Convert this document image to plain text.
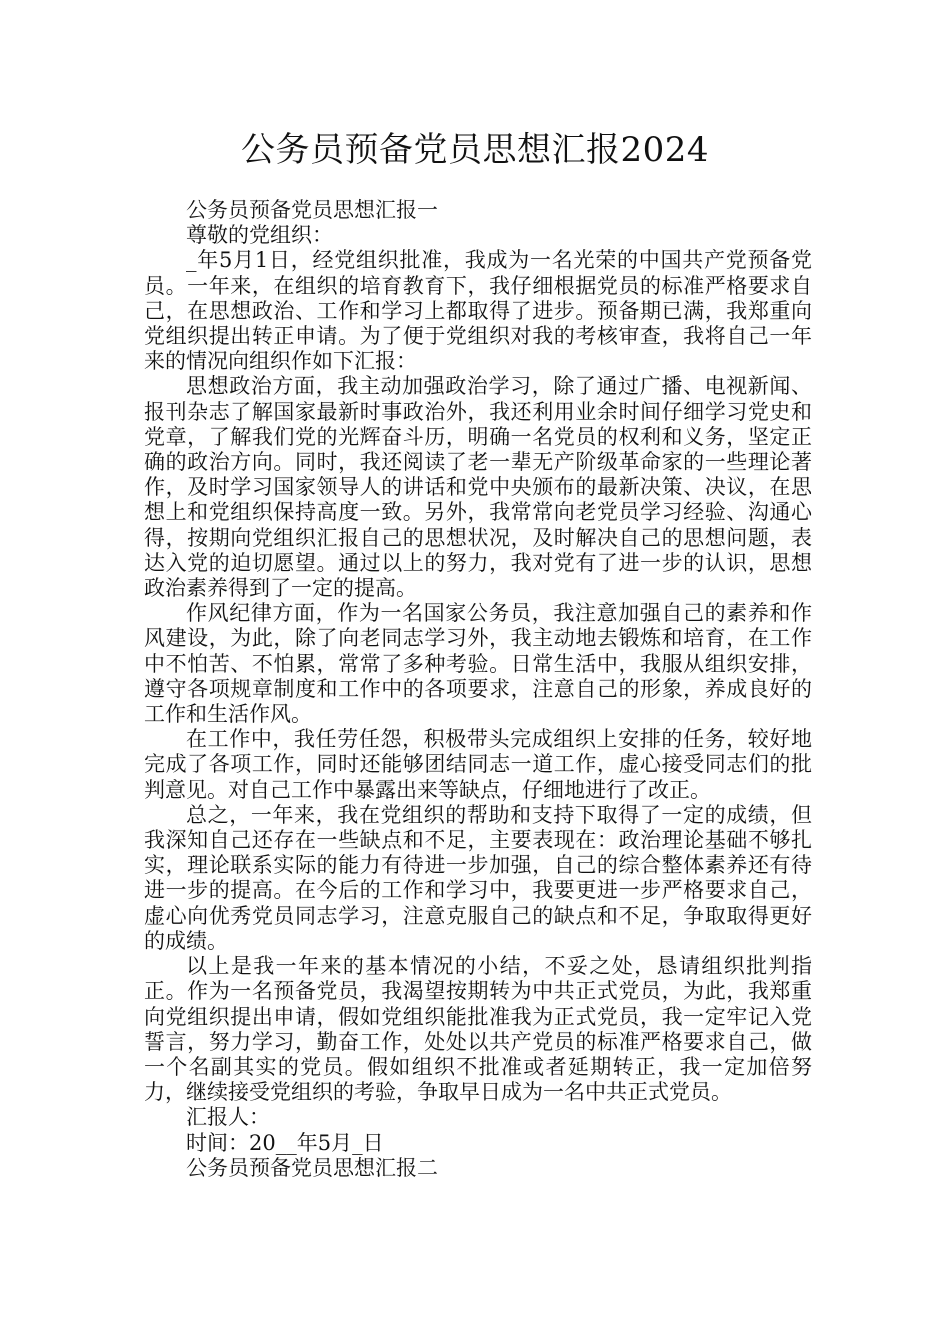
公务员预备党员思想汇报2024

公务员预备党员思想汇报一

尊敬的党组织：

_年5月1日，经党组织批准，我成为一名光荣的中国共产党预备党员。一年来，在组织的培育教育下，我仔细根据党员的标准严格要求自己，在思想政治、工作和学习上都取得了进步。预备期已满，我郑重向党组织提出转正申请。为了便于党组织对我的考核审查，我将自己一年来的情况向组织作如下汇报：

思想政治方面，我主动加强政治学习，除了通过广播、电视新闻、报刊杂志了解国家最新时事政治外，我还利用业余时间仔细学习党史和党章，了解我们党的光辉奋斗历，明确一名党员的权利和义务，坚定正确的政治方向。同时，我还阅读了老一辈无产阶级革命家的一些理论著作，及时学习国家领导人的讲话和党中央颁布的最新决策、决议，在思想上和党组织保持高度一致。另外，我常常向老党员学习经验、沟通心得，按期向党组织汇报自己的思想状况，及时解决自己的思想问题，表达入党的迫切愿望。通过以上的努力，我对党有了进一步的认识，思想政治素养得到了一定的提高。

作风纪律方面，作为一名国家公务员，我注意加强自己的素养和作风建设，为此，除了向老同志学习外，我主动地去锻炼和培育，在工作中不怕苦、不怕累，常常了多种考验。日常生活中，我服从组织安排，遵守各项规章制度和工作中的各项要求，注意自己的形象，养成良好的工作和生活作风。

在工作中，我任劳任怨，积极带头完成组织上安排的任务，较好地完成了各项工作，同时还能够团结同志一道工作，虚心接受同志们的批判意见。对自己工作中暴露出来等缺点，仔细地进行了改正。

总之，一年来，我在党组织的帮助和支持下取得了一定的成绩，但我深知自己还存在一些缺点和不足，主要表现在：政治理论基础不够扎实，理论联系实际的能力有待进一步加强，自己的综合整体素养还有待进一步的提高。在今后的工作和学习中，我要更进一步严格要求自己，虚心向优秀党员同志学习，注意克服自己的缺点和不足，争取取得更好的成绩。

以上是我一年来的基本情况的小结，不妥之处，恳请组织批判指正。作为一名预备党员，我渴望按期转为中共正式党员，为此，我郑重向党组织提出申请，假如党组织能批准我为正式党员，我一定牢记入党誓言，努力学习，勤奋工作，处处以共产党员的标准严格要求自己，做一个名副其实的党员。假如组织不批准或者延期转正，我一定加倍努力，继续接受党组织的考验，争取早日成为一名中共正式党员。

汇报人：

时间：20__年5月_日

公务员预备党员思想汇报二
